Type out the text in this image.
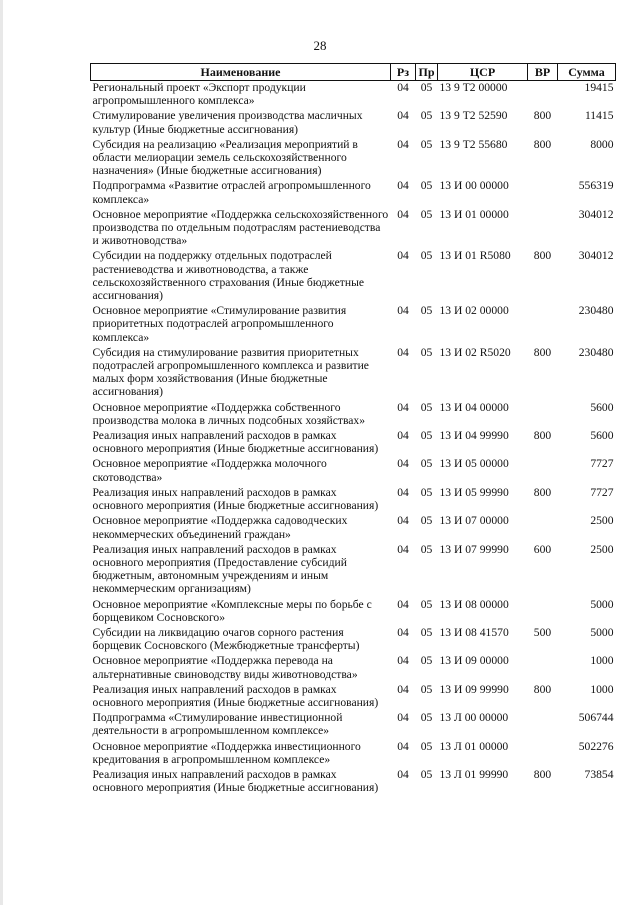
28
Наименование	Рз	Пр	ЦСР	ВР	Сумма
Региональный проект «Экспорт продукции агропромышленного комплекса»	04	05	13 9 Т2 00000		19415
Стимулирование увеличения производства масличных культур (Иные бюджетные ассигнования)	04	05	13 9 Т2 52590	800	11415
Субсидия на реализацию «Реализация мероприятий в области мелиорации земель сельскохозяйственного назначения» (Иные бюджетные ассигнования)	04	05	13 9 Т2 55680	800	8000
Подпрограмма «Развитие отраслей агропромышленного комплекса»	04	05	13 И 00 00000		556319
Основное мероприятие «Поддержка сельскохозяйственного производства по отдельным подотраслям растениеводства и животноводства»	04	05	13 И 01 00000		304012
Субсидии на поддержку отдельных подотраслей растениеводства и животноводства, а также сельскохозяйственного страхования (Иные бюджетные ассигнования)	04	05	13 И 01 R5080	800	304012
Основное мероприятие «Стимулирование развития приоритетных подотраслей агропромышленного комплекса»	04	05	13 И 02 00000		230480
Субсидия на стимулирование развития приоритетных подотраслей агропромышленного комплекса и развитие малых форм хозяйствования (Иные бюджетные ассигнования)	04	05	13 И 02 R5020	800	230480
Основное мероприятие «Поддержка собственного производства молока в личных подсобных хозяйствах»	04	05	13 И 04 00000		5600
Реализация иных направлений расходов в рамках основного мероприятия (Иные бюджетные ассигнования)	04	05	13 И 04 99990	800	5600
Основное мероприятие «Поддержка молочного скотоводства»	04	05	13 И 05 00000		7727
Реализация иных направлений расходов в рамках основного мероприятия (Иные бюджетные ассигнования)	04	05	13 И 05 99990	800	7727
Основное мероприятие «Поддержка садоводческих некоммерческих объединений граждан»	04	05	13 И 07 00000		2500
Реализация иных направлений расходов в рамках основного мероприятия (Предоставление субсидий бюджетным, автономным учреждениям и иным некоммерческим организациям)	04	05	13 И 07 99990	600	2500
Основное мероприятие «Комплексные меры по борьбе с борщевиком Сосновского»	04	05	13 И 08 00000		5000
Субсидии на ликвидацию очагов сорного растения борщевик Сосновского (Межбюджетные трансферты)	04	05	13 И 08 41570	500	5000
Основное мероприятие «Поддержка перевода на альтернативные свиноводству виды животноводства»	04	05	13 И 09 00000		1000
Реализация иных направлений расходов в рамках основного мероприятия (Иные бюджетные ассигнования)	04	05	13 И 09 99990	800	1000
Подпрограмма «Стимулирование инвестиционной деятельности в агропромышленном комплексе»	04	05	13 Л 00 00000		506744
Основное мероприятие «Поддержка инвестиционного кредитования в агропромышленном комплексе»	04	05	13 Л 01 00000		502276
Реализация иных направлений расходов в рамках основного мероприятия (Иные бюджетные ассигнования)	04	05	13 Л 01 99990	800	73854
